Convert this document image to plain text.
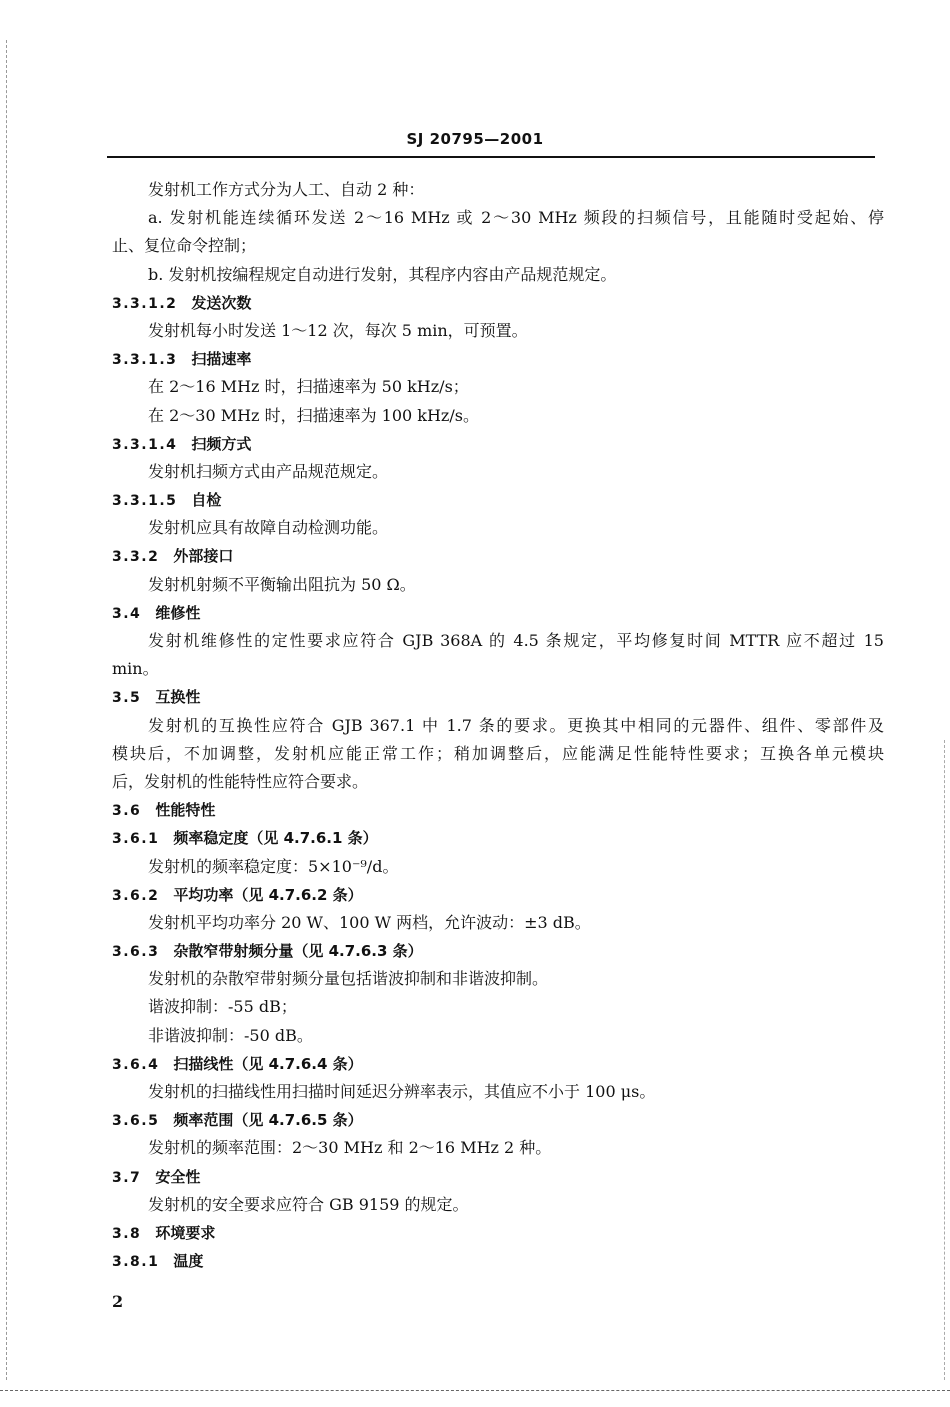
SJ 20795—2001
发射机工作方式分为人工、自动 2 种：
a. 发射机能连续循环发送 2～16 MHz 或 2～30 MHz 频段的扫频信号，且能随时受起始、停
止、复位命令控制；
b. 发射机按编程规定自动进行发射，其程序内容由产品规范规定。
3.3.1.2 发送次数
发射机每小时发送 1～12 次，每次 5 min，可预置。
3.3.1.3 扫描速率
在 2～16 MHz 时，扫描速率为 50 kHz/s；
在 2～30 MHz 时，扫描速率为 100 kHz/s。
3.3.1.4 扫频方式
发射机扫频方式由产品规范规定。
3.3.1.5 自检
发射机应具有故障自动检测功能。
3.3.2 外部接口
发射机射频不平衡输出阻抗为 50 Ω。
3.4 维修性
发射机维修性的定性要求应符合 GJB 368A 的 4.5 条规定，平均修复时间 MTTR 应不超过 15
min。
3.5 互换性
发射机的互换性应符合 GJB 367.1 中 1.7 条的要求。更换其中相同的元器件、组件、零部件及
模块后，不加调整，发射机应能正常工作；稍加调整后，应能满足性能特性要求；互换各单元模块
后，发射机的性能特性应符合要求。
3.6 性能特性
3.6.1 频率稳定度（见 4.7.6.1 条）
发射机的频率稳定度：5×10⁻⁹/d。
3.6.2 平均功率（见 4.7.6.2 条）
发射机平均功率分 20 W、100 W 两档，允许波动：±3 dB。
3.6.3 杂散窄带射频分量（见 4.7.6.3 条）
发射机的杂散窄带射频分量包括谐波抑制和非谐波抑制。
谐波抑制：-55 dB；
非谐波抑制：-50 dB。
3.6.4 扫描线性（见 4.7.6.4 条）
发射机的扫描线性用扫描时间延迟分辨率表示，其值应不小于 100 μs。
3.6.5 频率范围（见 4.7.6.5 条）
发射机的频率范围：2～30 MHz 和 2～16 MHz 2 种。
3.7 安全性
发射机的安全要求应符合 GB 9159 的规定。
3.8 环境要求
3.8.1 温度
2
